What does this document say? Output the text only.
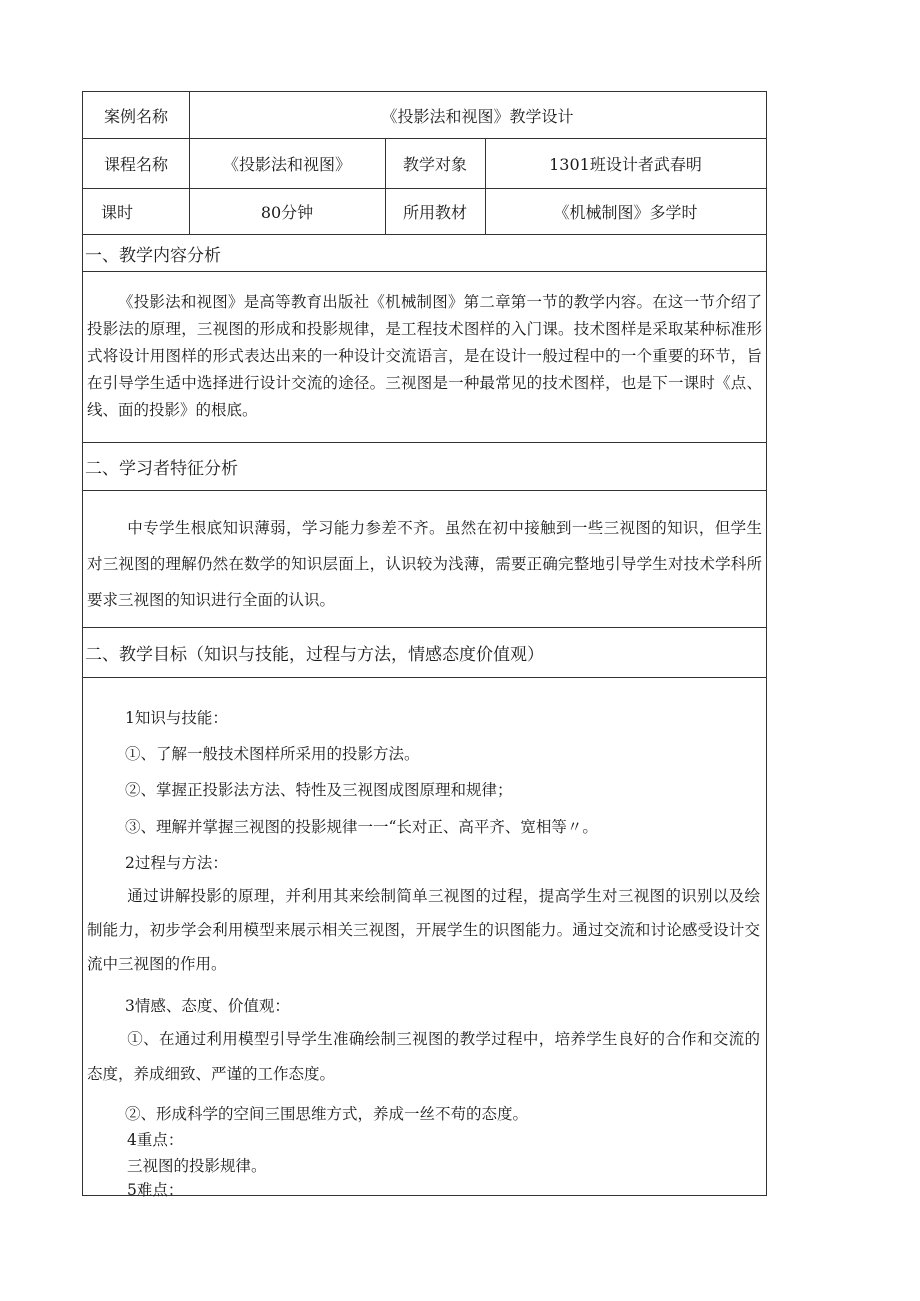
案例名称	《投影法和视图》教学设计
课程名称	《投影法和视图》	教学对象	1301班设计者武春明
课时	80分钟	所用教材	《机械制图》多学时
一、教学内容分析
《投影法和视图》是高等教育出版社《机械制图》第二章第一节的教学内容。在这一节介绍了投影法的原理，三视图的形成和投影规律，是工程技术图样的入门课。技术图样是采取某种标准形式将设计用图样的形式表达出来的一种设计交流语言，是在设计一般过程中的一个重要的环节，旨在引导学生适中选择进行设计交流的途径。三视图是一种最常见的技术图样，也是下一课时《点、线、面的投影》的根底。
二、学习者特征分析
中专学生根底知识薄弱，学习能力参差不齐。虽然在初中接触到一些三视图的知识，但学生对三视图的理解仍然在数学的知识层面上，认识较为浅薄，需要正确完整地引导学生对技术学科所要求三视图的知识进行全面的认识。
二、教学目标（知识与技能，过程与方法，情感态度价值观）
1知识与技能：
①、了解一般技术图样所采用的投影方法。
②、掌握正投影法方法、特性及三视图成图原理和规律；
③、理解并掌握三视图的投影规律一一“长对正、高平齐、宽相等〃。
2过程与方法：
通过讲解投影的原理，并利用其来绘制简单三视图的过程，提高学生对三视图的识别以及绘制能力，初步学会利用模型来展示相关三视图，开展学生的识图能力。通过交流和讨论感受设计交流中三视图的作用。
3情感、态度、价值观：
①、在通过利用模型引导学生准确绘制三视图的教学过程中，培养学生良好的合作和交流的态度，养成细致、严谨的工作态度。
②、形成科学的空间三围思维方式，养成一丝不苟的态度。
4重点：
三视图的投影规律。
5难点：
